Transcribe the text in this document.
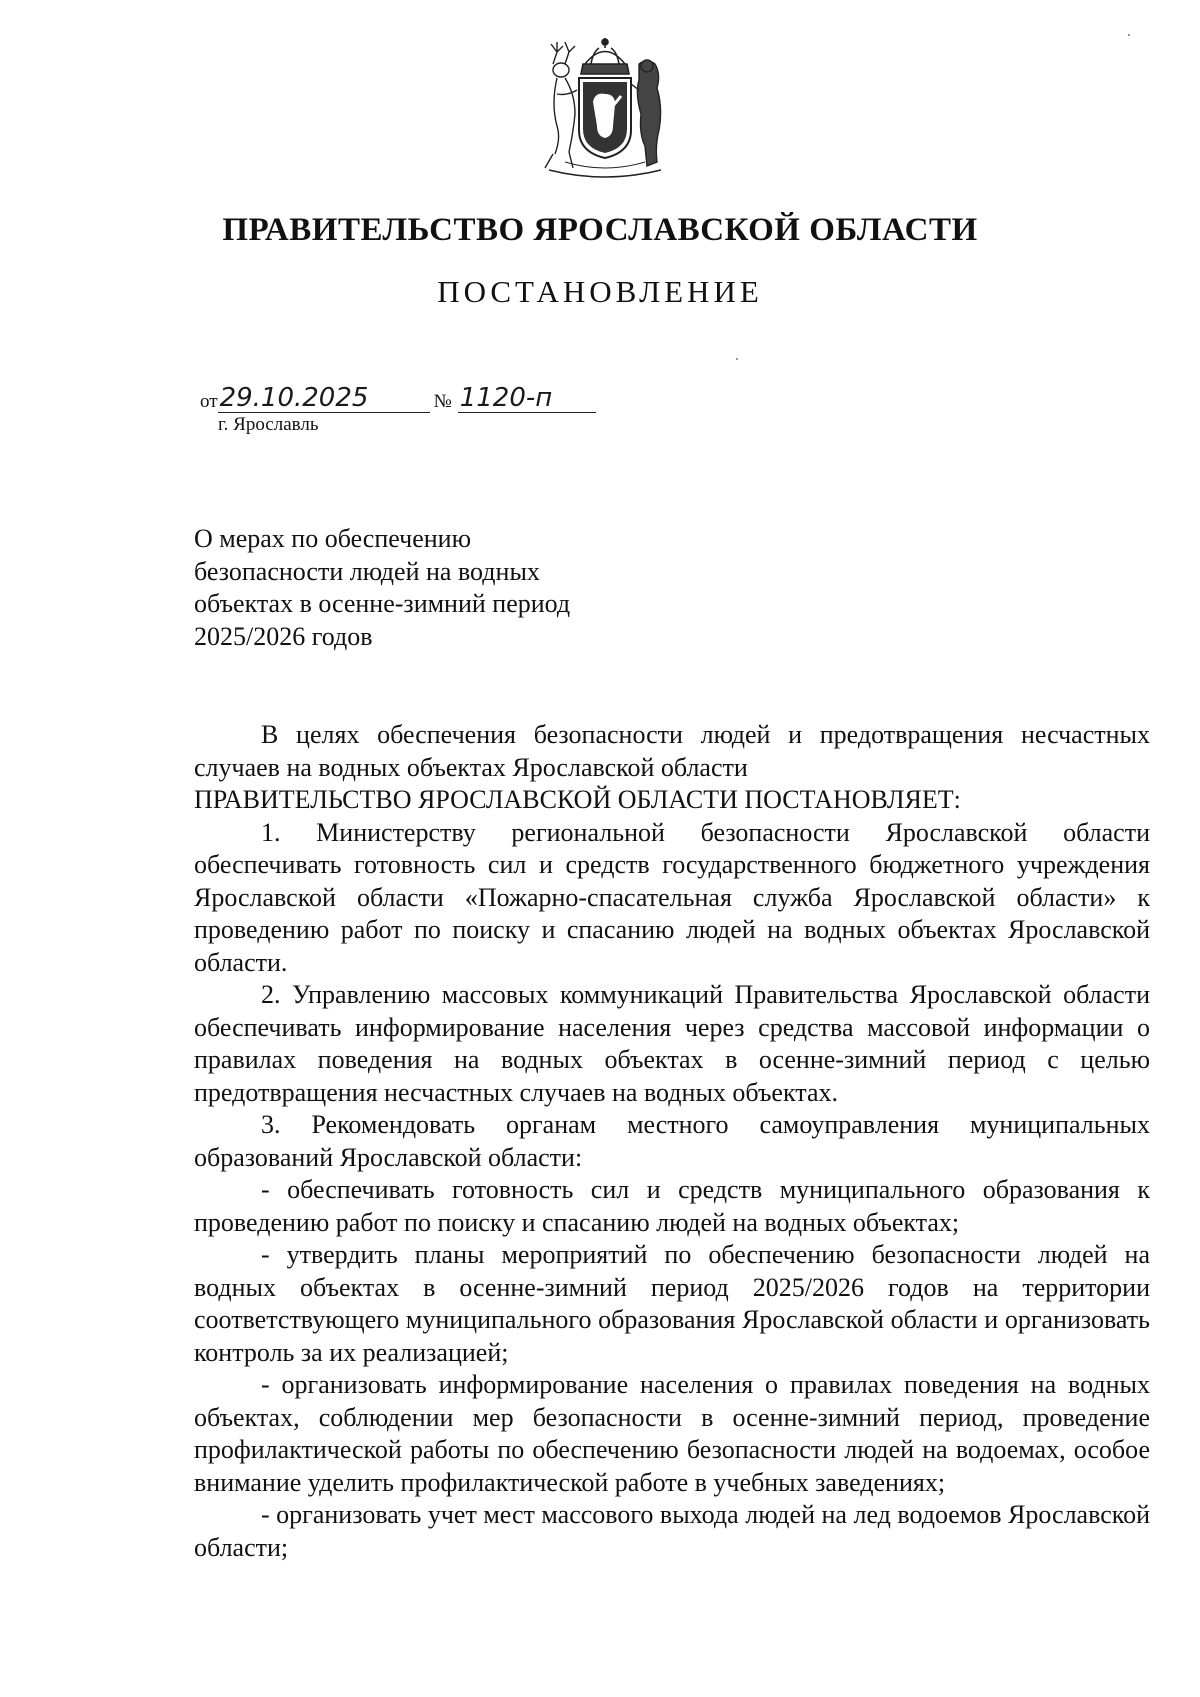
ПРАВИТЕЛЬСТВО ЯРОСЛАВСКОЙ ОБЛАСТИ
ПОСТАНОВЛЕНИЕ
от 29.10.2025	№ 1120-п
г. Ярославль
О мерах по обеспечению
безопасности людей на водных
объектах в осенне-зимний период
2025/2026 годов

В целях обеспечения безопасности людей и предотвращения несчастных случаев на водных объектах Ярославской области

ПРАВИТЕЛЬСТВО ЯРОСЛАВСКОЙ ОБЛАСТИ ПОСТАНОВЛЯЕТ:

1. Министерству региональной безопасности Ярославской области обеспечивать готовность сил и средств государственного бюджетного учреждения Ярославской области «Пожарно-спасательная служба Ярославской области» к проведению работ по поиску и спасанию людей на водных объектах Ярославской области.

2. Управлению массовых коммуникаций Правительства Ярославской области обеспечивать информирование населения через средства массовой информации о правилах поведения на водных объектах в осенне-зимний период с целью предотвращения несчастных случаев на водных объектах.

3. Рекомендовать органам местного самоуправления муниципальных образований Ярославской области:

- обеспечивать готовность сил и средств муниципального образования к проведению работ по поиску и спасанию людей на водных объектах;

- утвердить планы мероприятий по обеспечению безопасности людей на водных объектах в осенне-зимний период 2025/2026 годов на территории соответствующего муниципального образования Ярославской области и организовать контроль за их реализацией;

- организовать информирование населения о правилах поведения на водных объектах, соблюдении мер безопасности в осенне-зимний период, проведение профилактической работы по обеспечению безопасности людей на водоемах, особое внимание уделить профилактической работе в учебных заведениях;

- организовать учет мест массового выхода людей на лед водоемов Ярославской области;
